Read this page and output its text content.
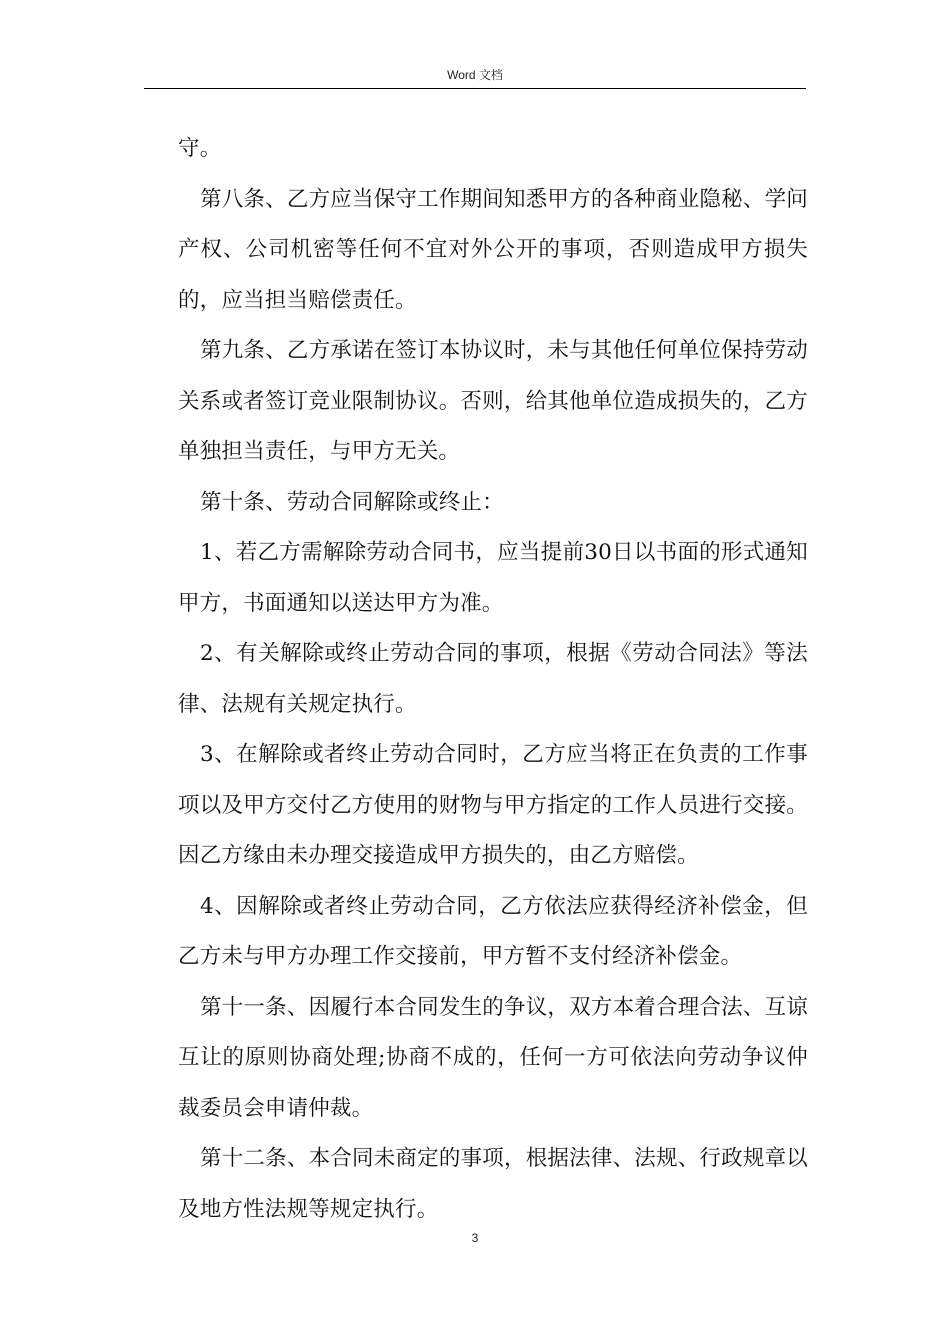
Word 文档

守。

第八条、乙方应当保守工作期间知悉甲方的各种商业隐秘、学问产权、公司机密等任何不宜对外公开的事项，否则造成甲方损失的，应当担当赔偿责任。

第九条、乙方承诺在签订本协议时，未与其他任何单位保持劳动关系或者签订竞业限制协议。否则，给其他单位造成损失的，乙方单独担当责任，与甲方无关。

第十条、劳动合同解除或终止：

1、若乙方需解除劳动合同书，应当提前30日以书面的形式通知甲方，书面通知以送达甲方为准。

2、有关解除或终止劳动合同的事项，根据《劳动合同法》等法律、法规有关规定执行。

3、在解除或者终止劳动合同时，乙方应当将正在负责的工作事项以及甲方交付乙方使用的财物与甲方指定的工作人员进行交接。因乙方缘由未办理交接造成甲方损失的，由乙方赔偿。

4、因解除或者终止劳动合同，乙方依法应获得经济补偿金，但乙方未与甲方办理工作交接前，甲方暂不支付经济补偿金。

第十一条、因履行本合同发生的争议，双方本着合理合法、互谅互让的原则协商处理;协商不成的，任何一方可依法向劳动争议仲裁委员会申请仲裁。

第十二条、本合同未商定的事项，根据法律、法规、行政规章以及地方性法规等规定执行。

3
